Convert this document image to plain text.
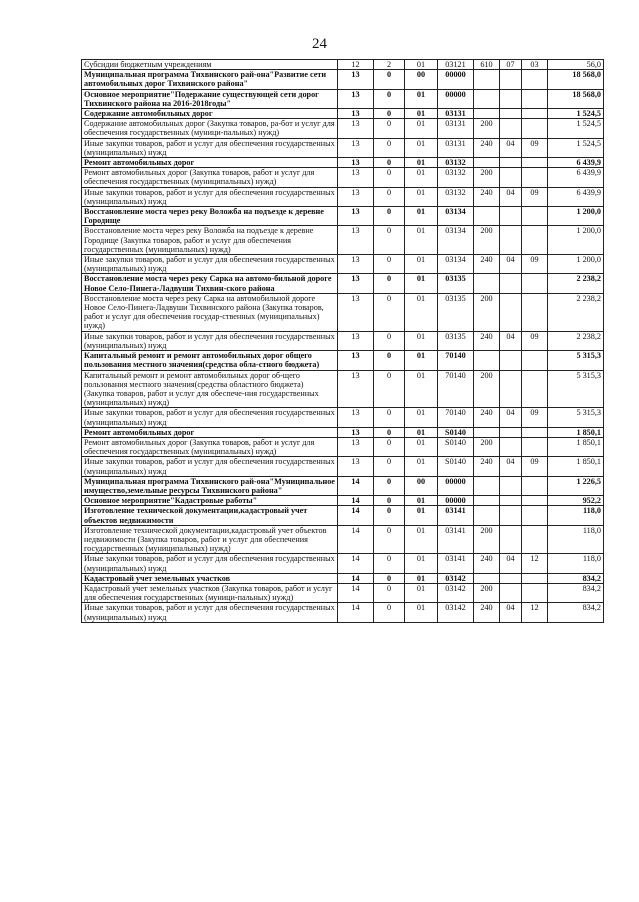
24
Субсидии бюджетным учреждениям	12	2	01	03121	610	07	03	56,0
Муниципальная программа Тихвинского рай-она"Развитие сети автомобильных дорог Тихвинского района"	13	0	00	00000				18 568,0
Основное мероприятие"Подержание существующей сети дорог Тихвинского района на 2016-2018годы"	13	0	01	00000				18 568,0
Содержание автомобильных дорог	13	0	01	03131				1 524,5
Содержание автомобильных дорог (Закупка товаров, ра-бот и услуг для обеспечения государственных (муници-пальных) нужд)	13	0	01	03131	200			1 524,5
Иные закупки товаров, работ и услуг для обеспечения государственных (муниципальных) нужд	13	0	01	03131	240	04	09	1 524,5
Ремонт автомобильных дорог	13	0	01	03132				6 439,9
Ремонт автомобильных дорог (Закупка товаров, работ и услуг для обеспечения государственных (муниципальных) нужд)	13	0	01	03132	200			6 439,9
Иные закупки товаров, работ и услуг для обеспечения государственных (муниципальных) нужд	13	0	01	03132	240	04	09	6 439,9
Восстановление моста через реку Воложба на подъезде к деревне Городище	13	0	01	03134				1 200,0
Восстановление моста через реку Воложба на подъезде к деревне Городище (Закупка товаров, работ и услуг для обеспечения государственных (муниципальных) нужд)	13	0	01	03134	200			1 200,0
Иные закупки товаров, работ и услуг для обеспечения государственных (муниципальных) нужд	13	0	01	03134	240	04	09	1 200,0
Восстановление моста через реку Сарка на автомо-бильной дороге Новое Село-Пинега-Ладвуши Тихвин-ского района	13	0	01	03135				2 238,2
Восстановление моста через реку Сарка на автомобильной дороге Новое Село-Пинега-Ладвуши Тихвинского района (Закупка товаров, работ и услуг для обеспечения государ-ственных (муниципальных) нужд)	13	0	01	03135	200			2 238,2
Иные закупки товаров, работ и услуг для обеспечения государственных (муниципальных) нужд	13	0	01	03135	240	04	09	2 238,2
Капитальный ремонт и ремонт автомобильных дорог общего пользования местного значения(средства обла-стного бюджета)	13	0	01	70140				5 315,3
Капитальный ремонт и ремонт автомобильных дорог об-щего пользования местного значения(средства областного бюджета) (Закупка товаров, работ и услуг для обеспече-ния государственных (муниципальных) нужд)	13	0	01	70140	200			5 315,3
Иные закупки товаров, работ и услуг для обеспечения государственных (муниципальных) нужд	13	0	01	70140	240	04	09	5 315,3
Ремонт автомобильных дорог	13	0	01	S0140				1 850,1
Ремонт автомобильных дорог (Закупка товаров, работ и услуг для обеспечения государственных (муниципальных) нужд)	13	0	01	S0140	200			1 850,1
Иные закупки товаров, работ и услуг для обеспечения государственных (муниципальных) нужд	13	0	01	S0140	240	04	09	1 850,1
Муниципальная программа Тихвинского рай-она"Муниципальное имущество,земельные ресурсы Тихвинского района"	14	0	00	00000				1 226,5
Основное мероприятие"Кадастровые работы"	14	0	01	00000				952,2
Изготовление технической документации,кадастровый учет объектов недвижимости	14	0	01	03141				118,0
Изготовление технической документации,кадастровый учет объектов недвижимости (Закупка товаров, работ и услуг для обеспечения государственных (муниципальных) нужд)	14	0	01	03141	200			118,0
Иные закупки товаров, работ и услуг для обеспечения государственных (муниципальных) нужд	14	0	01	03141	240	04	12	118,0
Кадастровый учет земельных участков	14	0	01	03142				834,2
Кадастровый учет земельных участков (Закупка товаров, работ и услуг для обеспечения государственных (муници-пальных) нужд)	14	0	01	03142	200			834,2
Иные закупки товаров, работ и услуг для обеспечения государственных (муниципальных) нужд	14	0	01	03142	240	04	12	834,2
